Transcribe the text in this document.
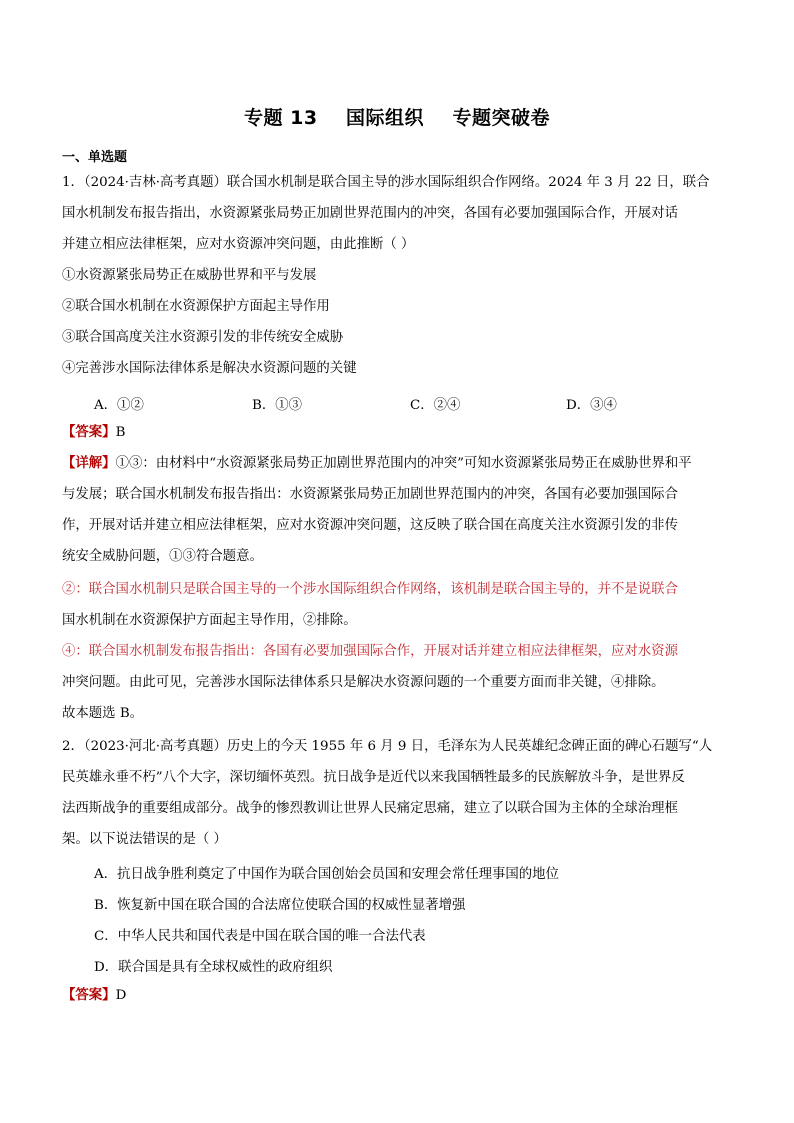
专题 13 国际组织 专题突破卷
一、单选题
1．（2024·吉林·高考真题）联合国水机制是联合国主导的涉水国际组织合作网络。2024 年 3 月 22 日，联合
国水机制发布报告指出，水资源紧张局势正加剧世界范围内的冲突，各国有必要加强国际合作，开展对话
并建立相应法律框架，应对水资源冲突问题，由此推断（ ）
①水资源紧张局势正在威胁世界和平与发展
②联合国水机制在水资源保护方面起主导作用
③联合国高度关注水资源引发的非传统安全威胁
④完善涉水国际法律体系是解决水资源问题的关键
A．①②	B．①③	C．②④	D．③④
【答案】B
【详解】①③：由材料中“水资源紧张局势正加剧世界范围内的冲突”可知水资源紧张局势正在威胁世界和平
与发展；联合国水机制发布报告指出：水资源紧张局势正加剧世界范围内的冲突，各国有必要加强国际合
作，开展对话并建立相应法律框架，应对水资源冲突问题，这反映了联合国在高度关注水资源引发的非传
统安全威胁问题，①③符合题意。
②：联合国水机制只是联合国主导的一个涉水国际组织合作网络，该机制是联合国主导的，并不是说联合
国水机制在水资源保护方面起主导作用，②排除。
④：联合国水机制发布报告指出：各国有必要加强国际合作，开展对话并建立相应法律框架，应对水资源
冲突问题。由此可见，完善涉水国际法律体系只是解决水资源问题的一个重要方面而非关键，④排除。
故本题选 B。
2．（2023·河北·高考真题）历史上的今天 1955 年 6 月 9 日，毛泽东为人民英雄纪念碑正面的碑心石题写“人
民英雄永垂不朽”八个大字，深切缅怀英烈。抗日战争是近代以来我国牺牲最多的民族解放斗争，是世界反
法西斯战争的重要组成部分。战争的惨烈教训让世界人民痛定思痛，建立了以联合国为主体的全球治理框
架。以下说法错误的是（ ）
A．抗日战争胜利奠定了中国作为联合国创始会员国和安理会常任理事国的地位
B．恢复新中国在联合国的合法席位使联合国的权威性显著增强
C．中华人民共和国代表是中国在联合国的唯一合法代表
D．联合国是具有全球权威性的政府组织
【答案】D
